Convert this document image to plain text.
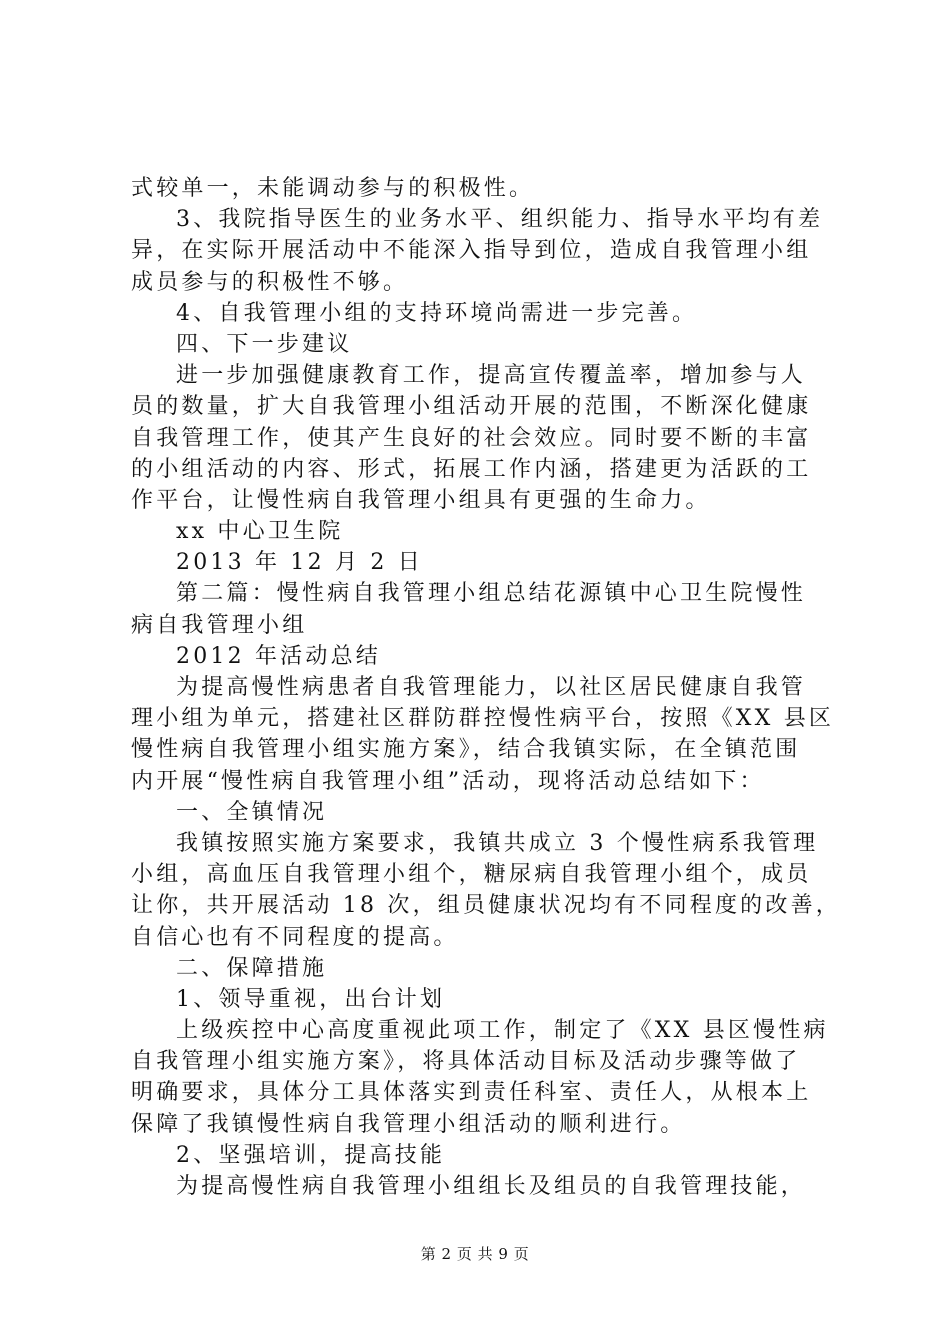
式较单一，未能调动参与的积极性。
3、我院指导医生的业务水平、组织能力、指导水平均有差
异，在实际开展活动中不能深入指导到位，造成自我管理小组
成员参与的积极性不够。
4、自我管理小组的支持环境尚需进一步完善。
四、下一步建议
进一步加强健康教育工作，提高宣传覆盖率，增加参与人
员的数量，扩大自我管理小组活动开展的范围，不断深化健康
自我管理工作，使其产生良好的社会效应。同时要不断的丰富
的小组活动的内容、形式，拓展工作内涵，搭建更为活跃的工
作平台，让慢性病自我管理小组具有更强的生命力。
xx 中心卫生院
2013 年 12 月 2 日
第二篇：慢性病自我管理小组总结花源镇中心卫生院慢性
病自我管理小组
2012 年活动总结
为提高慢性病患者自我管理能力，以社区居民健康自我管
理小组为单元，搭建社区群防群控慢性病平台，按照《XX 县区
慢性病自我管理小组实施方案》，结合我镇实际，在全镇范围
内开展“慢性病自我管理小组”活动，现将活动总结如下：
一、全镇情况
我镇按照实施方案要求，我镇共成立 3 个慢性病系我管理
小组，高血压自我管理小组个，糖尿病自我管理小组个，成员
让你，共开展活动 18 次，组员健康状况均有不同程度的改善，
自信心也有不同程度的提高。
二、保障措施
1、领导重视，出台计划
上级疾控中心高度重视此项工作，制定了《XX 县区慢性病
自我管理小组实施方案》，将具体活动目标及活动步骤等做了
明确要求，具体分工具体落实到责任科室、责任人，从根本上
保障了我镇慢性病自我管理小组活动的顺利进行。
2、坚强培训，提高技能
为提高慢性病自我管理小组组长及组员的自我管理技能，
第 2 页 共 9 页
